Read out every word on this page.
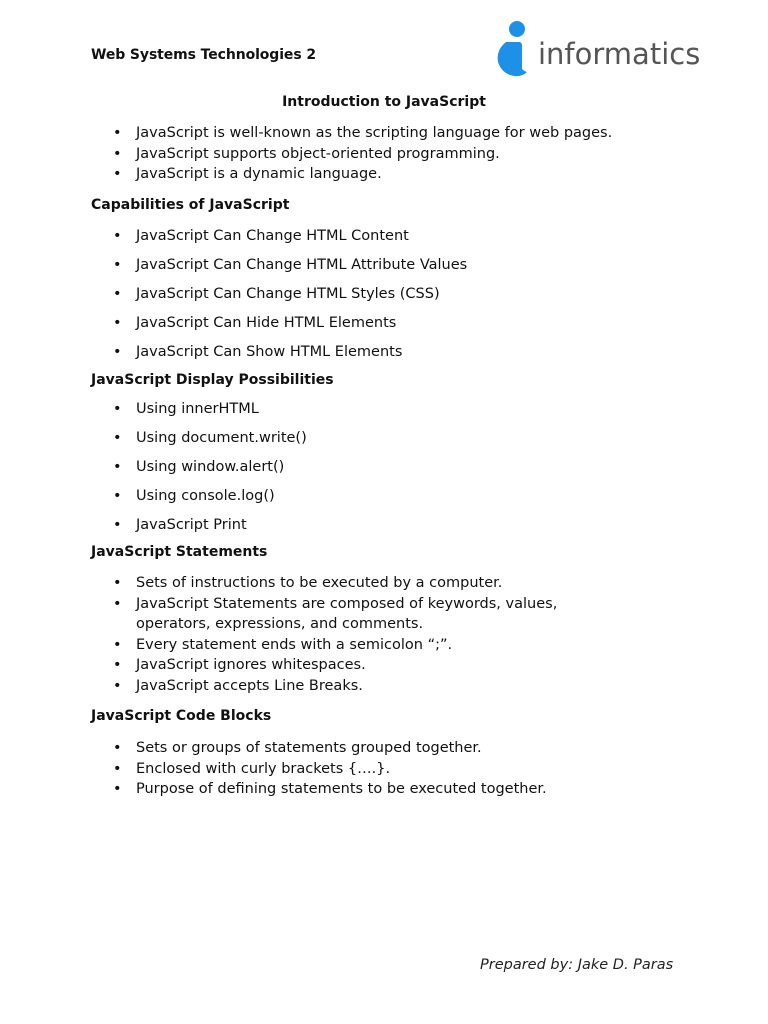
Web Systems Technologies 2	informatics
Introduction to JavaScript
• JavaScript is well-known as the scripting language for web pages.
• JavaScript supports object-oriented programming.
• JavaScript is a dynamic language.
Capabilities of JavaScript
• JavaScript Can Change HTML Content
• JavaScript Can Change HTML Attribute Values
• JavaScript Can Change HTML Styles (CSS)
• JavaScript Can Hide HTML Elements
• JavaScript Can Show HTML Elements
JavaScript Display Possibilities
• Using innerHTML
• Using document.write()
• Using window.alert()
• Using console.log()
• JavaScript Print
JavaScript Statements
• Sets of instructions to be executed by a computer.
• JavaScript Statements are composed of keywords, values, operators, expressions, and comments.
• Every statement ends with a semicolon “;”.
• JavaScript ignores whitespaces.
• JavaScript accepts Line Breaks.
JavaScript Code Blocks
• Sets or groups of statements grouped together.
• Enclosed with curly brackets {….}.
• Purpose of defining statements to be executed together.
Prepared by: Jake D. Paras
